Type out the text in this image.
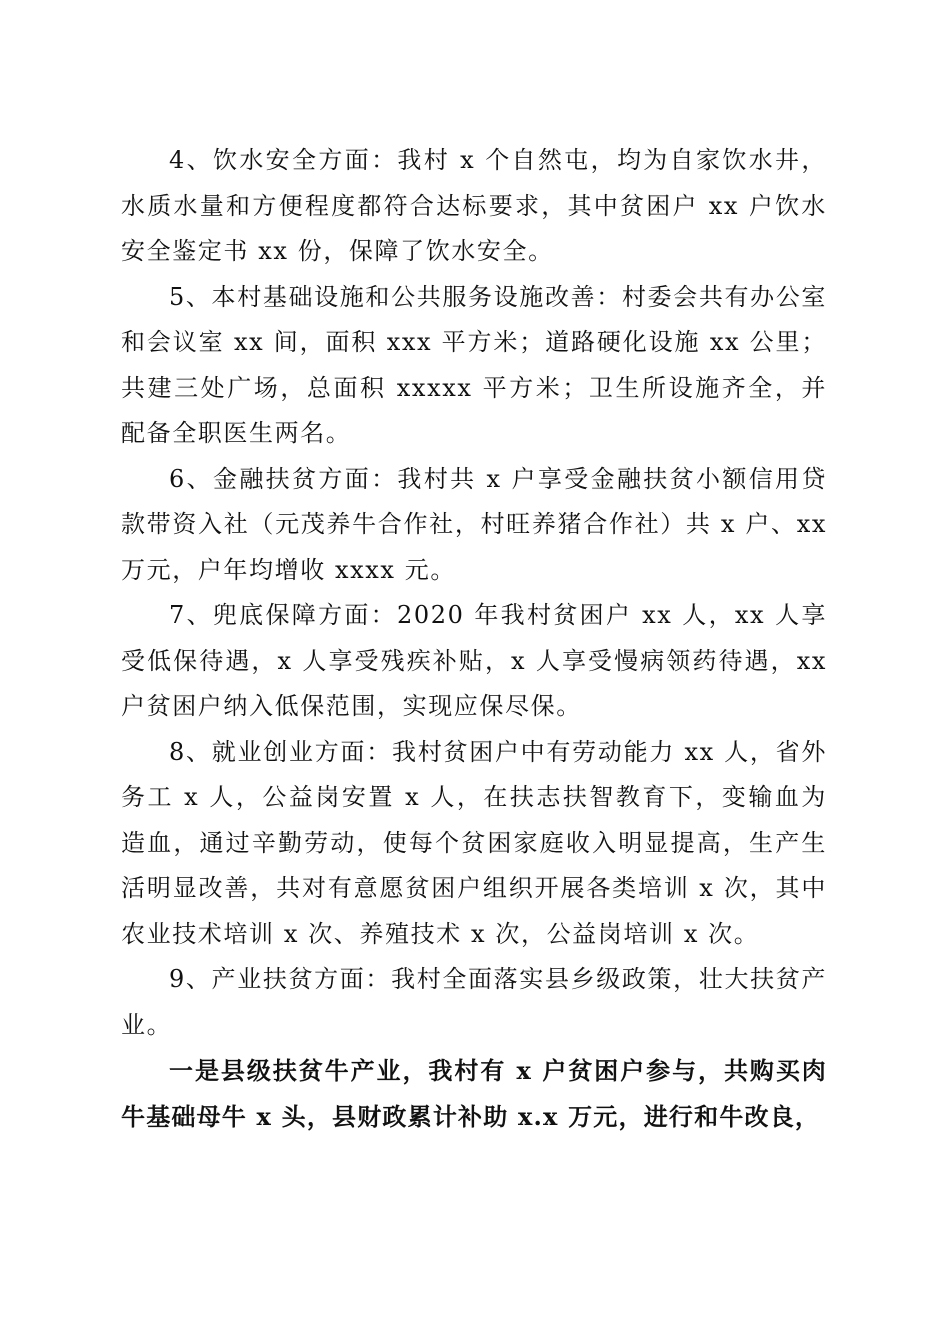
4、饮水安全方面：我村 x 个自然屯，均为自家饮水井，水质水量和方便程度都符合达标要求，其中贫困户 xx 户饮水安全鉴定书 xx 份，保障了饮水安全。

5、本村基础设施和公共服务设施改善：村委会共有办公室和会议室 xx 间，面积 xxx 平方米；道路硬化设施 xx 公里；共建三处广场，总面积 xxxxx 平方米；卫生所设施齐全，并配备全职医生两名。

6、金融扶贫方面：我村共 x 户享受金融扶贫小额信用贷款带资入社（元茂养牛合作社，村旺养猪合作社）共 x 户、xx 万元，户年均增收 xxxx 元。

7、兜底保障方面：2020 年我村贫困户 xx 人，xx 人享受低保待遇，x 人享受残疾补贴，x 人享受慢病领药待遇，xx 户贫困户纳入低保范围，实现应保尽保。

8、就业创业方面：我村贫困户中有劳动能力 xx 人，省外务工 x 人，公益岗安置 x 人，在扶志扶智教育下，变输血为造血，通过辛勤劳动，使每个贫困家庭收入明显提高，生产生活明显改善，共对有意愿贫困户组织开展各类培训 x 次，其中农业技术培训 x 次、养殖技术 x 次，公益岗培训 x 次。

9、产业扶贫方面：我村全面落实县乡级政策，壮大扶贫产业。

一是县级扶贫牛产业，我村有 x 户贫困户参与，共购买肉牛基础母牛 x 头，县财政累计补助 x.x 万元，进行和牛改良，
